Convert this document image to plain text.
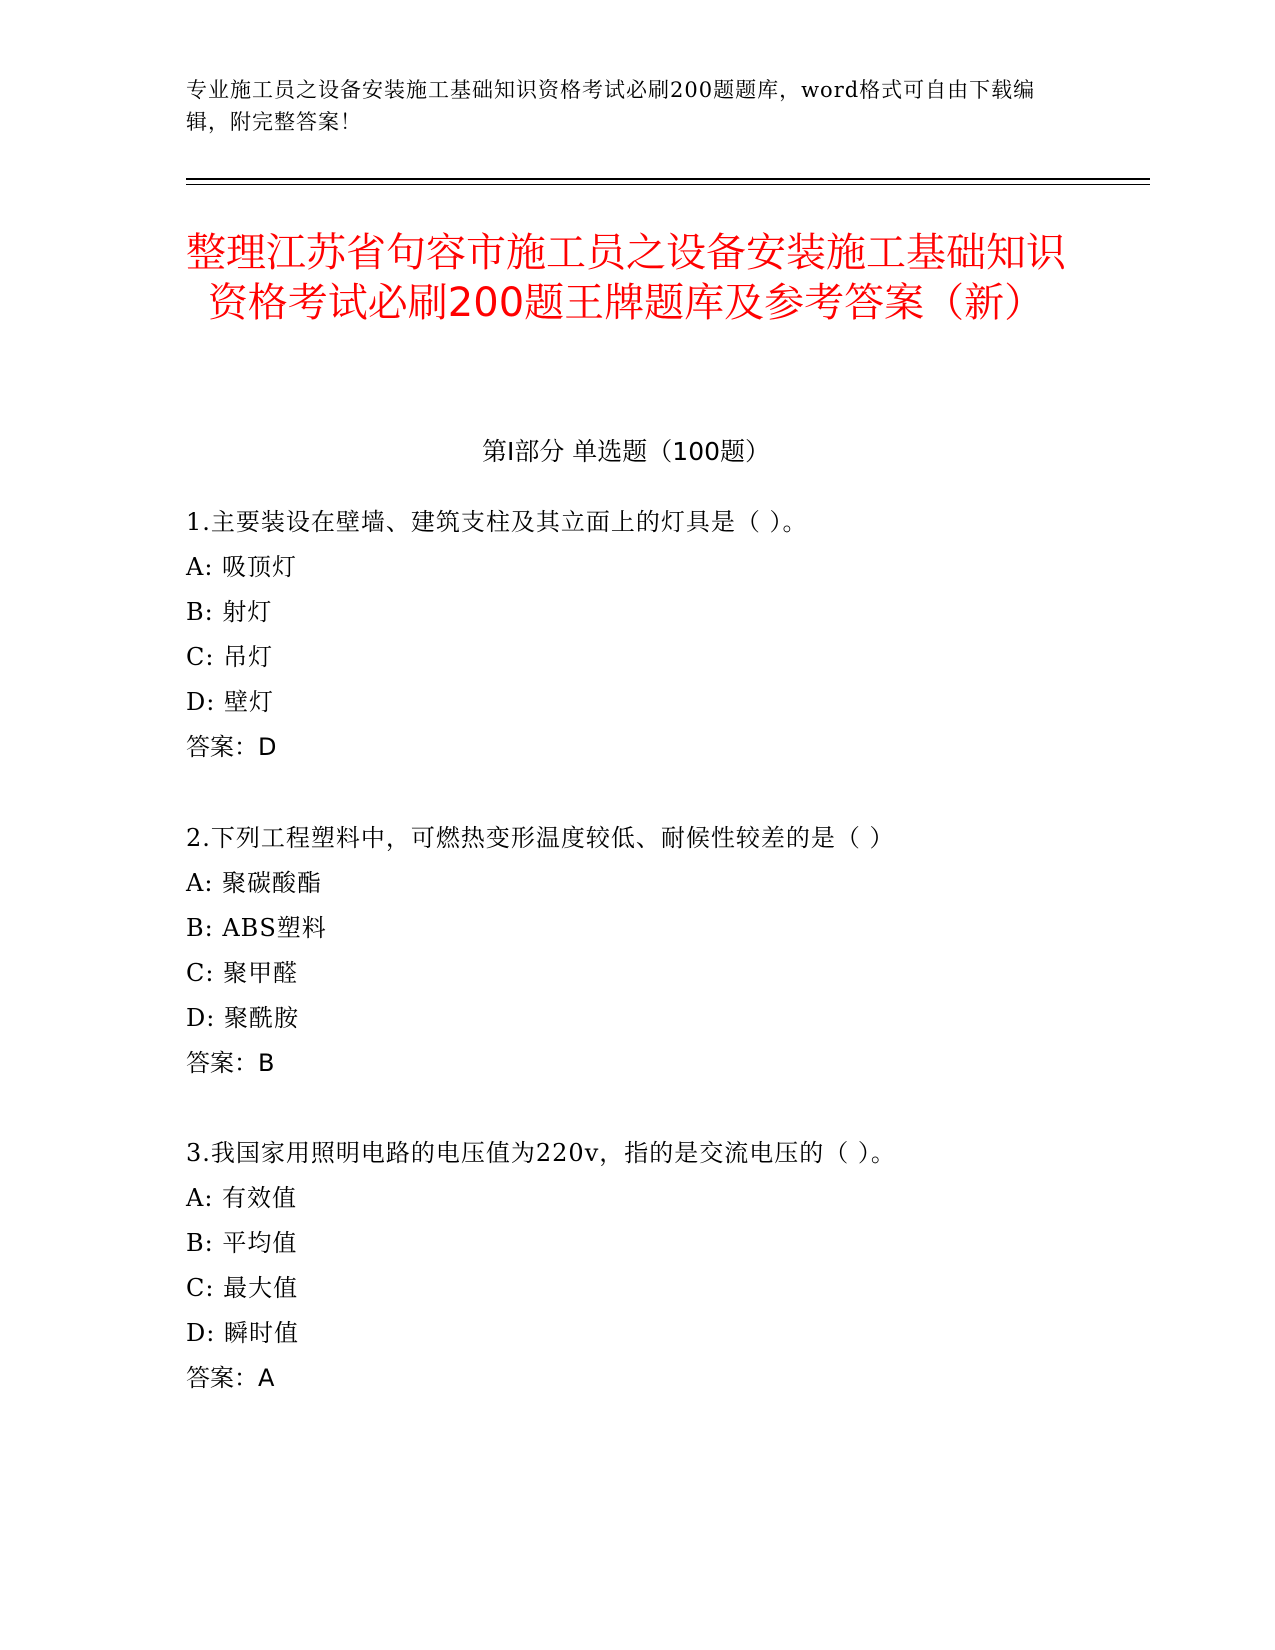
专业施工员之设备安装施工基础知识资格考试必刷200题题库，word格式可自由下载编辑，附完整答案！
整理江苏省句容市施工员之设备安装施工基础知识资格考试必刷200题王牌题库及参考答案（新）
第Ⅰ部分 单选题（100题）
1.主要装设在壁墙、建筑支柱及其立面上的灯具是（ ）。
A: 吸顶灯
B: 射灯
C: 吊灯
D: 壁灯
答案：D
2.下列工程塑料中，可燃热变形温度较低、耐候性较差的是（ ）
A: 聚碳酸酯
B: ABS塑料
C: 聚甲醛
D: 聚酰胺
答案：B
3.我国家用照明电路的电压值为220v，指的是交流电压的（ ）。
A: 有效值
B: 平均值
C: 最大值
D: 瞬时值
答案：A
